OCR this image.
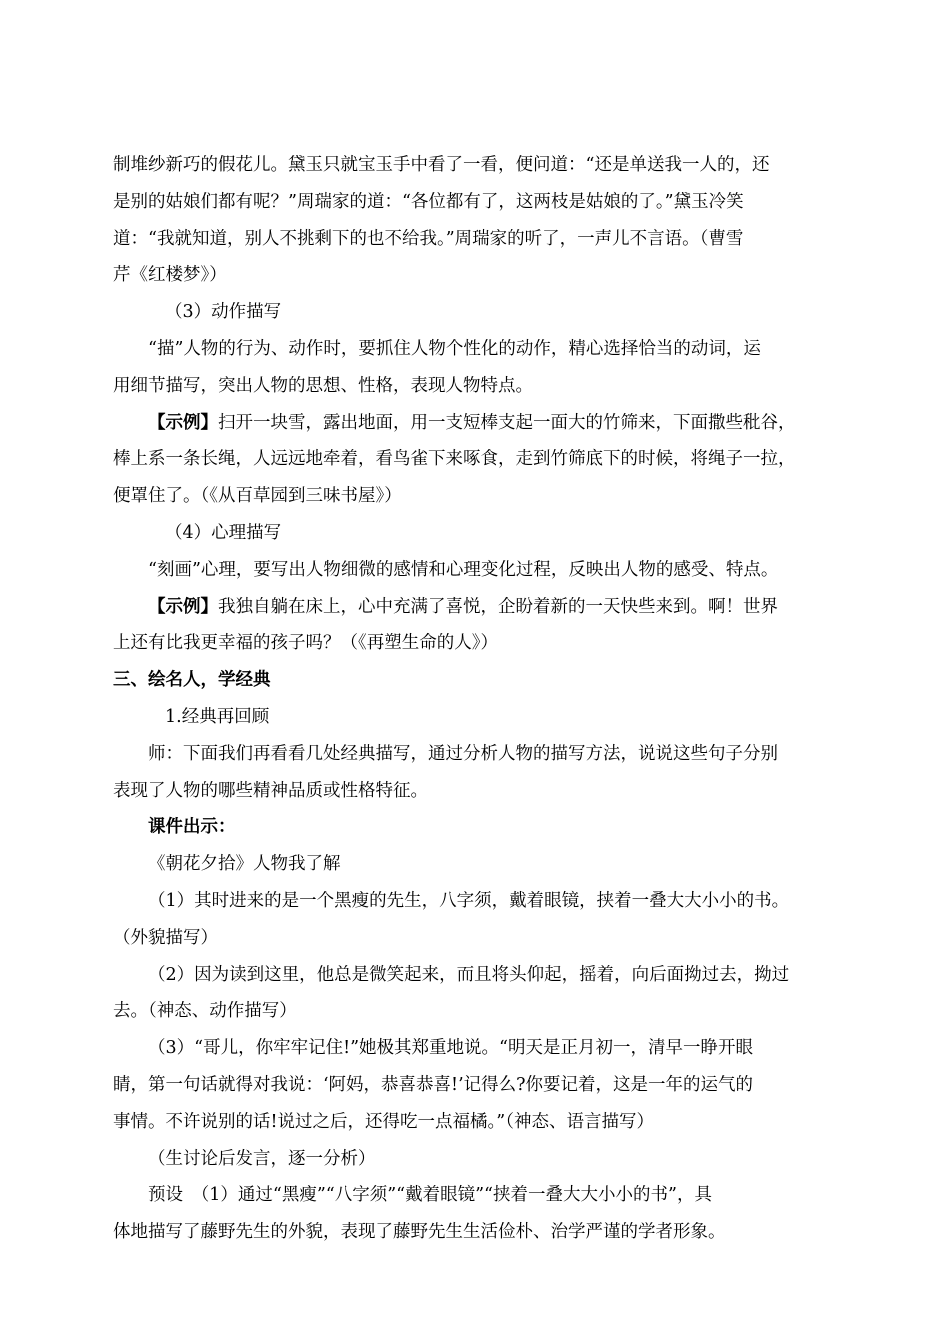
制堆纱新巧的假花儿。黛玉只就宝玉手中看了一看，便问道：“还是单送我一人的，还
是别的姑娘们都有呢？”周瑞家的道：“各位都有了，这两枝是姑娘的了。”黛玉冷笑
道：“我就知道，别人不挑剩下的也不给我。”周瑞家的听了，一声儿不言语。（曹雪
芹《红楼梦》）
（3）动作描写
“描”人物的行为、动作时，要抓住人物个性化的动作，精心选择恰当的动词，运
用细节描写，突出人物的思想、性格，表现人物特点。
【示例】扫开一块雪，露出地面，用一支短棒支起一面大的竹筛来，下面撒些秕谷，
棒上系一条长绳，人远远地牵着，看鸟雀下来啄食，走到竹筛底下的时候，将绳子一拉，
便罩住了。（《从百草园到三味书屋》）
（4）心理描写
“刻画”心理，要写出人物细微的感情和心理变化过程，反映出人物的感受、特点。
【示例】我独自躺在床上，心中充满了喜悦，企盼着新的一天快些来到。啊！世界
上还有比我更幸福的孩子吗？（《再塑生命的人》）
三、绘名人，学经典
1.经典再回顾
师：下面我们再看看几处经典描写，通过分析人物的描写方法，说说这些句子分别
表现了人物的哪些精神品质或性格特征。
课件出示：
《朝花夕拾》人物我了解
（1）其时进来的是一个黑瘦的先生，八字须，戴着眼镜，挟着一叠大大小小的书。
（外貌描写）
（2）因为读到这里，他总是微笑起来，而且将头仰起，摇着，向后面拗过去，拗过
去。（神态、动作描写）
（3）“哥儿，你牢牢记住!”她极其郑重地说。“明天是正月初一，清早一睁开眼
睛，第一句话就得对我说：‘阿妈，恭喜恭喜!’记得么?你要记着，这是一年的运气的
事情。不许说别的话!说过之后，还得吃一点福橘。”（神态、语言描写）
（生讨论后发言，逐一分析）
预设　（1）通过“黑瘦”“八字须”“戴着眼镜”“挟着一叠大大小小的书”，具
体地描写了藤野先生的外貌，表现了藤野先生生活俭朴、治学严谨的学者形象。
